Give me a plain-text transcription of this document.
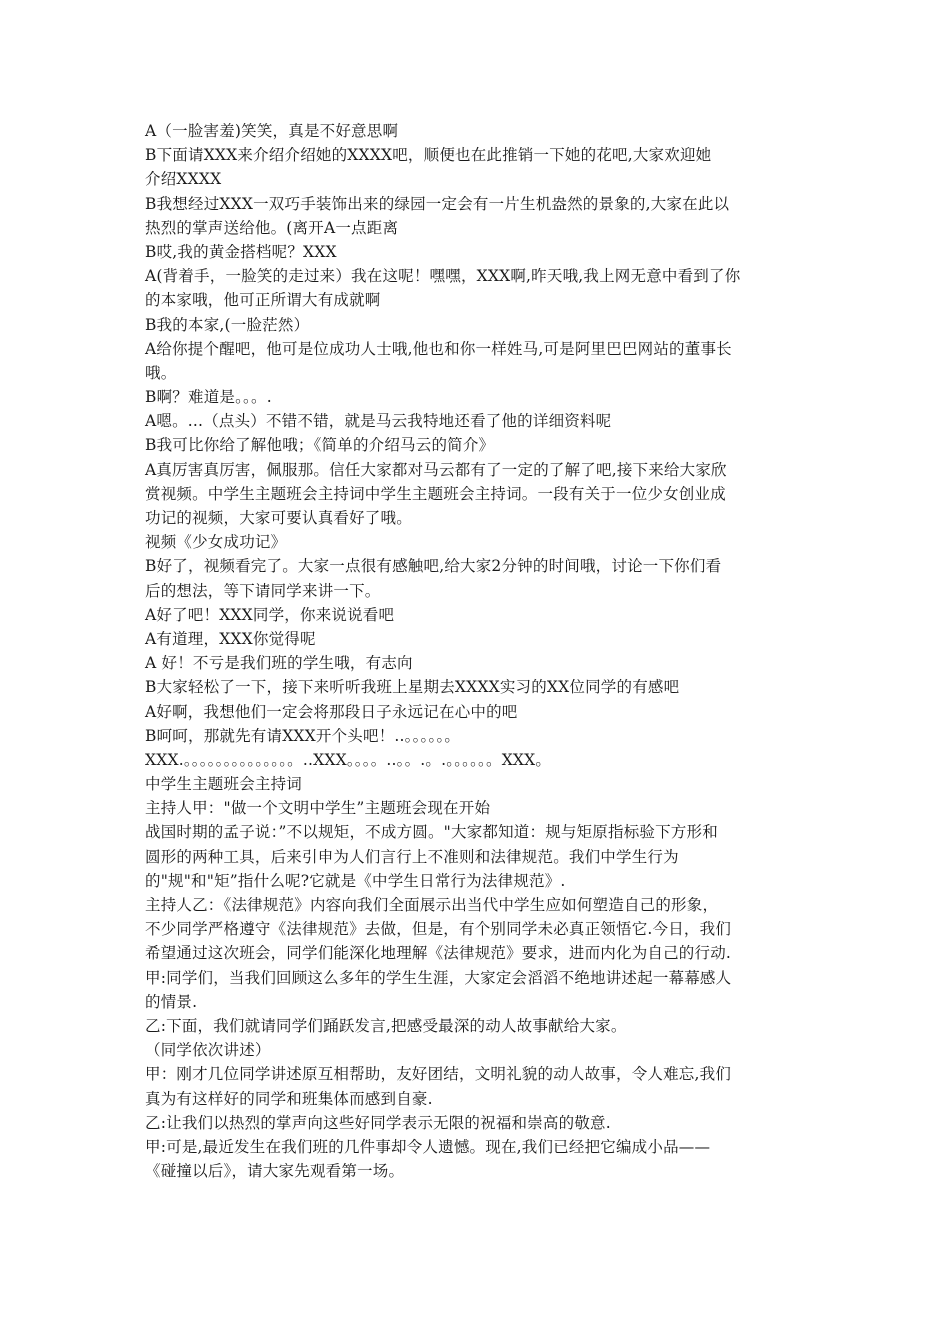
A（一脸害羞)笑笑，真是不好意思啊
B下面请XXX来介绍介绍她的XXXX吧，顺便也在此推销一下她的花吧,大家欢迎她
介绍XXXX
B我想经过XXX一双巧手装饰出来的绿园一定会有一片生机盎然的景象的,大家在此以
热烈的掌声送给他。(离开A一点距离
B哎,我的黄金搭档呢？XXX
A(背着手，一脸笑的走过来）我在这呢！嘿嘿，XXX啊,昨天哦,我上网无意中看到了你
的本家哦，他可正所谓大有成就啊
B我的本家,(一脸茫然）
A给你提个醒吧，他可是位成功人士哦,他也和你一样姓马,可是阿里巴巴网站的董事长
哦。
B啊？难道是。。。.
A嗯。...（点头）不错不错，就是马云我特地还看了他的详细资料呢
B我可比你给了解他哦；《简单的介绍马云的简介》
A真厉害真厉害，佩服那。信任大家都对马云都有了一定的了解了吧,接下来给大家欣
赏视频。中学生主题班会主持词中学生主题班会主持词。一段有关于一位少女创业成
功记的视频，大家可要认真看好了哦。
视频《少女成功记》
B好了，视频看完了。大家一点很有感触吧,给大家2分钟的时间哦，讨论一下你们看
后的想法，等下请同学来讲一下。
A好了吧！XXX同学，你来说说看吧
A有道理，XXX你觉得呢
A 好！不亏是我们班的学生哦，有志向
B大家轻松了一下，接下来听听我班上星期去XXXX实习的XX位同学的有感吧
A好啊，我想他们一定会将那段日子永远记在心中的吧
B呵呵，那就先有请XXX开个头吧！..。。。。。。
XXX.。。。。。。。。。。。。。。..XXX。。。。..。。.。.。。。。。。XXX。
中学生主题班会主持词
主持人甲："做一个文明中学生”主题班会现在开始
战国时期的孟子说：”不以规矩，不成方圆。"大家都知道：规与矩原指标验下方形和
圆形的两种工具，后来引申为人们言行上不准则和法律规范。我们中学生行为
的"规"和"矩”指什么呢?它就是《中学生日常行为法律规范》.
主持人乙：《法律规范》内容向我们全面展示出当代中学生应如何塑造自己的形象，
不少同学严格遵守《法律规范》去做，但是，有个别同学未必真正领悟它.今日，我们
希望通过这次班会，同学们能深化地理解《法律规范》要求，进而内化为自己的行动.
甲:同学们，当我们回顾这么多年的学生生涯，大家定会滔滔不绝地讲述起一幕幕感人
的情景.
乙:下面，我们就请同学们踊跃发言,把感受最深的动人故事献给大家。
（同学依次讲述）
甲：刚才几位同学讲述原互相帮助，友好团结，文明礼貌的动人故事，令人难忘,我们
真为有这样好的同学和班集体而感到自豪.
乙:让我们以热烈的掌声向这些好同学表示无限的祝福和崇高的敬意.
甲:可是,最近发生在我们班的几件事却令人遗憾。现在,我们已经把它编成小品——
《碰撞以后》，请大家先观看第一场。
